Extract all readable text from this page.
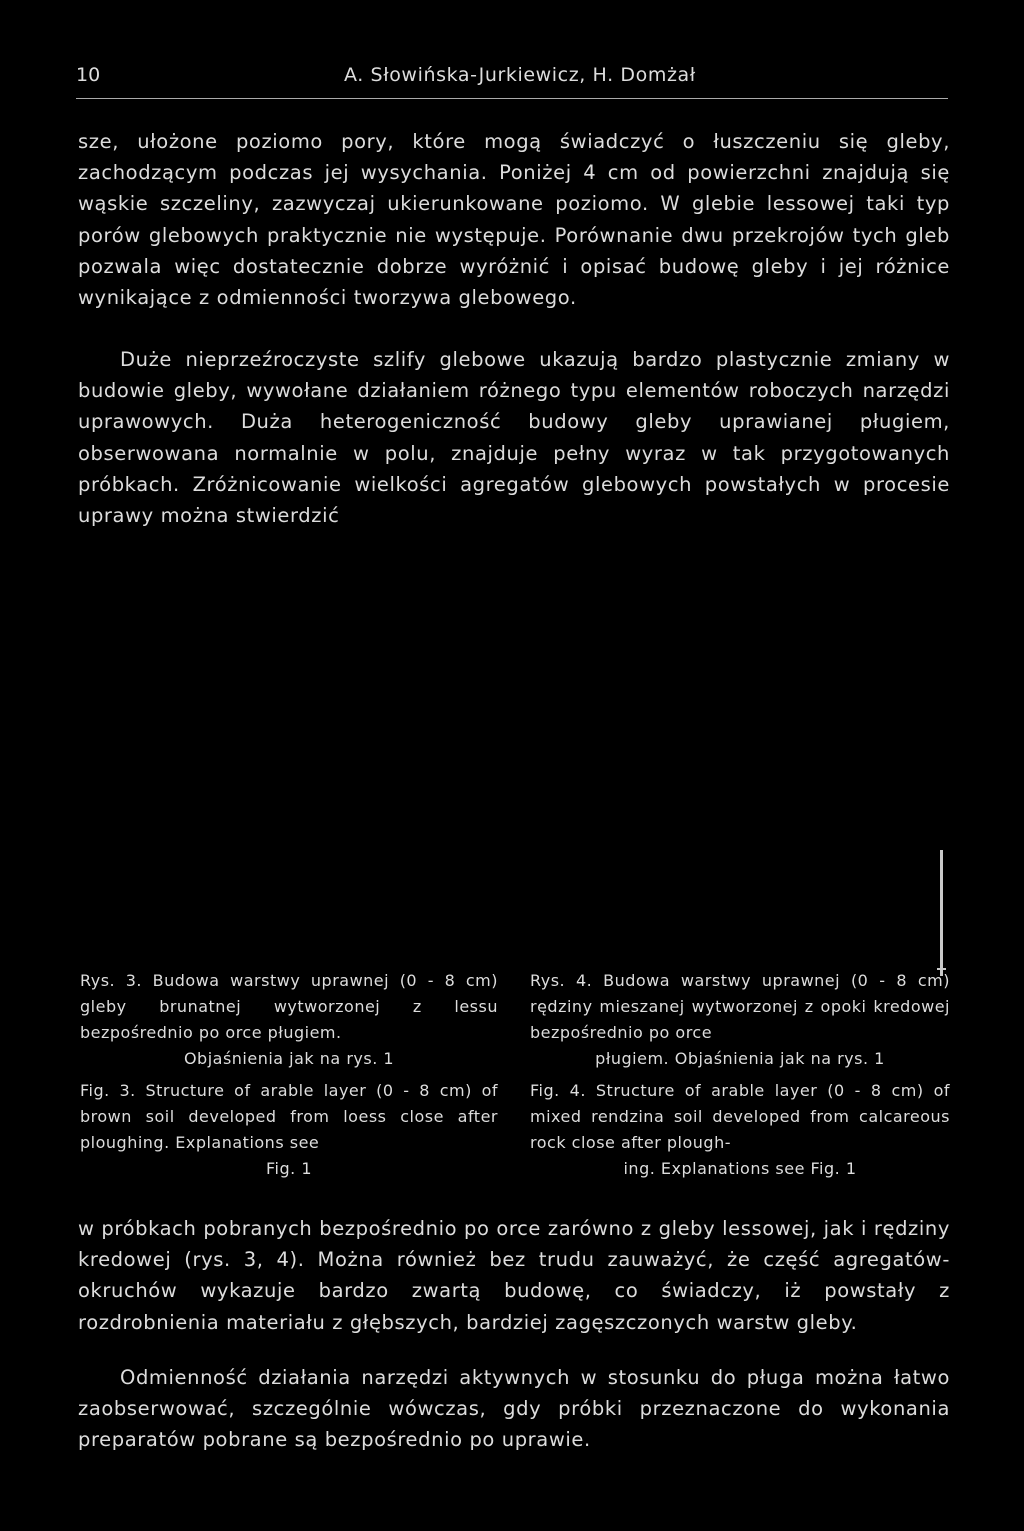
10	A. Słowińska-Jurkiewicz, H. Domżał

sze, ułożone poziomo pory, które mogą świadczyć o łuszczeniu się gleby, zachodzącym podczas jej wysychania. Poniżej 4 cm od powierzchni znajdują się wąskie szczeliny, zazwyczaj ukierunkowane poziomo. W glebie lessowej taki typ porów glebowych praktycznie nie występuje. Porównanie dwu przekrojów tych gleb pozwala więc dostatecznie dobrze wyróżnić i opisać budowę gleby i jej różnice wynikające z odmienności tworzywa glebowego.

Duże nieprzeźroczyste szlify glebowe ukazują bardzo plastycznie zmiany w budowie gleby, wywołane działaniem różnego typu elementów roboczych narzędzi uprawowych. Duża heterogeniczność budowy gleby uprawianej pługiem, obserwowana normalnie w polu, znajduje pełny wyraz w tak przygotowanych próbkach. Zróżnicowanie wielkości agregatów glebowych powstałych w procesie uprawy można stwierdzić

Rys. 3. Budowa warstwy uprawnej (0 - 8 cm) gleby brunatnej wytworzonej z lessu bezpośrednio po orce pługiem.
Objaśnienia jak na rys. 1

Fig. 3. Structure of arable layer (0 - 8 cm) of brown soil developed from loess close after ploughing. Explanations see
Fig. 1

Rys. 4. Budowa warstwy uprawnej (0 - 8 cm) rędziny mieszanej wytworzonej z opoki kredowej bezpośrednio po orce
pługiem. Objaśnienia jak na rys. 1

Fig. 4. Structure of arable layer (0 - 8 cm) of mixed rendzina soil developed from calcareous rock close after plough-
ing. Explanations see Fig. 1

w próbkach pobranych bezpośrednio po orce zarówno z gleby lessowej, jak i rędziny kredowej (rys. 3, 4). Można również bez trudu zauważyć, że część agregatów-okruchów wykazuje bardzo zwartą budowę, co świadczy, iż powstały z rozdrobnienia materiału z głębszych, bardziej zagęszczonych warstw gleby.

Odmienność działania narzędzi aktywnych w stosunku do pługa można łatwo zaobserwować, szczególnie wówczas, gdy próbki przeznaczone do wykonania preparatów pobrane są bezpośrednio po uprawie.
